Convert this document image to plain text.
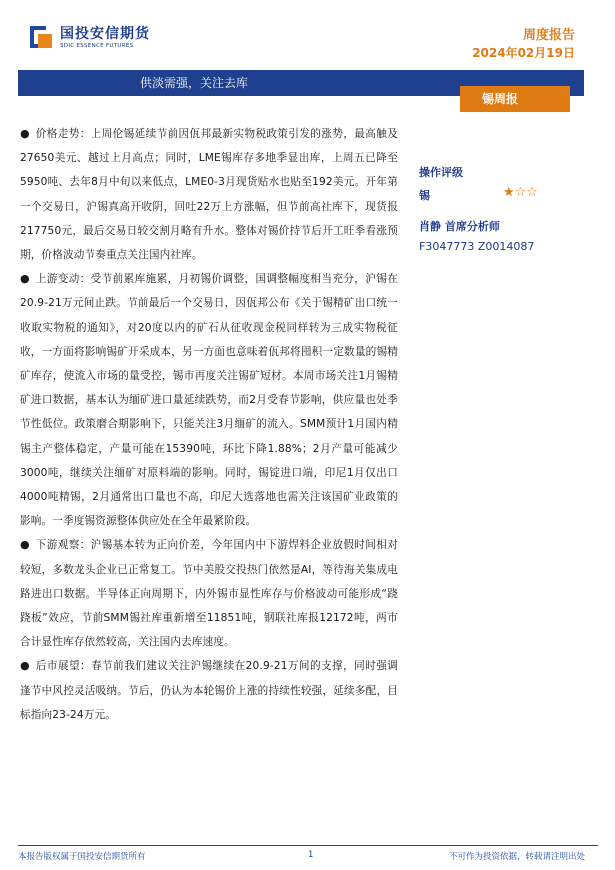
国投安信期货
SDIC ESSENCE FUTURES
周度报告
2024年02月19日
供淡需强，关注去库
锡周报

● 价格走势：上周伦锡延续节前因佤邦最新实物税政策引发的涨势，最高触及27650美元、越过上月高点；同时，LME锡库存多地季显出库，上周五已降至5950吨、去年8月中旬以来低点，LME0-3月现货贴水也贴至192美元。开年第一个交易日，沪锡真高开收阴，回吐22万上方涨幅，但节前高社库下，现货报217750元，最后交易日较交割月略有升水。整体对锡价持节后开工旺季看涨预期，价格波动节奏重点关注国内社库。

● 上游变动：受节前累库施累，月初锡价调整，国调整幅度相当充分，沪锡在20.9-21万元间止跌。节前最后一个交易日，因佤邦公布《关于锡精矿出口统一收取实物税的通知》，对20度以内的矿石从征收现金税同样转为三成实物税征收，一方面将影响锡矿开采成本，另一方面也意味着佤邦将囤积一定数量的锡精矿库存，使流入市场的量受控，锡市再度关注锡矿短材。本周市场关注1月锡精矿进口数据，基本认为缅矿进口量延续跌势，而2月受春节影响，供应量也处季节性低位。政策磨合期影响下，只能关注3月缅矿的流入。SMM预计1月国内精锡主产整体稳定，产量可能在15390吨，环比下降1.88%；2月产量可能减少3000吨，继续关注缅矿对原料端的影响。同时，锡锭进口端，印尼1月仅出口4000吨精锡，2月通常出口量也不高，印尼大选落地也需关注该国矿业政策的影响。一季度锡资源整体供应处在全年最紧阶段。

● 下游观察：沪锡基本转为正向价差，今年国内中下游焊料企业放假时间相对较短，多数龙头企业已正常复工。节中美股交投热门依然是AI，等待海关集成电路进出口数据。半导体正向周期下，内外锡市显性库存与价格波动可能形成“跷跷板”效应，节前SMM锡社库重新增至11851吨，钢联社库报12172吨，两市合计显性库存依然较高，关注国内去库速度。

● 后市展望：春节前我们建议关注沪锡继续在20.9-21万间的支撑，同时强调逢节中风控灵活吸纳。节后，仍认为本轮锡价上涨的持续性较强，延续多配，目标指向23-24万元。

操作评级
锡	★☆☆
肖静 首席分析师
F3047773 Z0014087
本报告版权属于国投安信期货所有	1	不可作为投资依据，转载请注明出处
